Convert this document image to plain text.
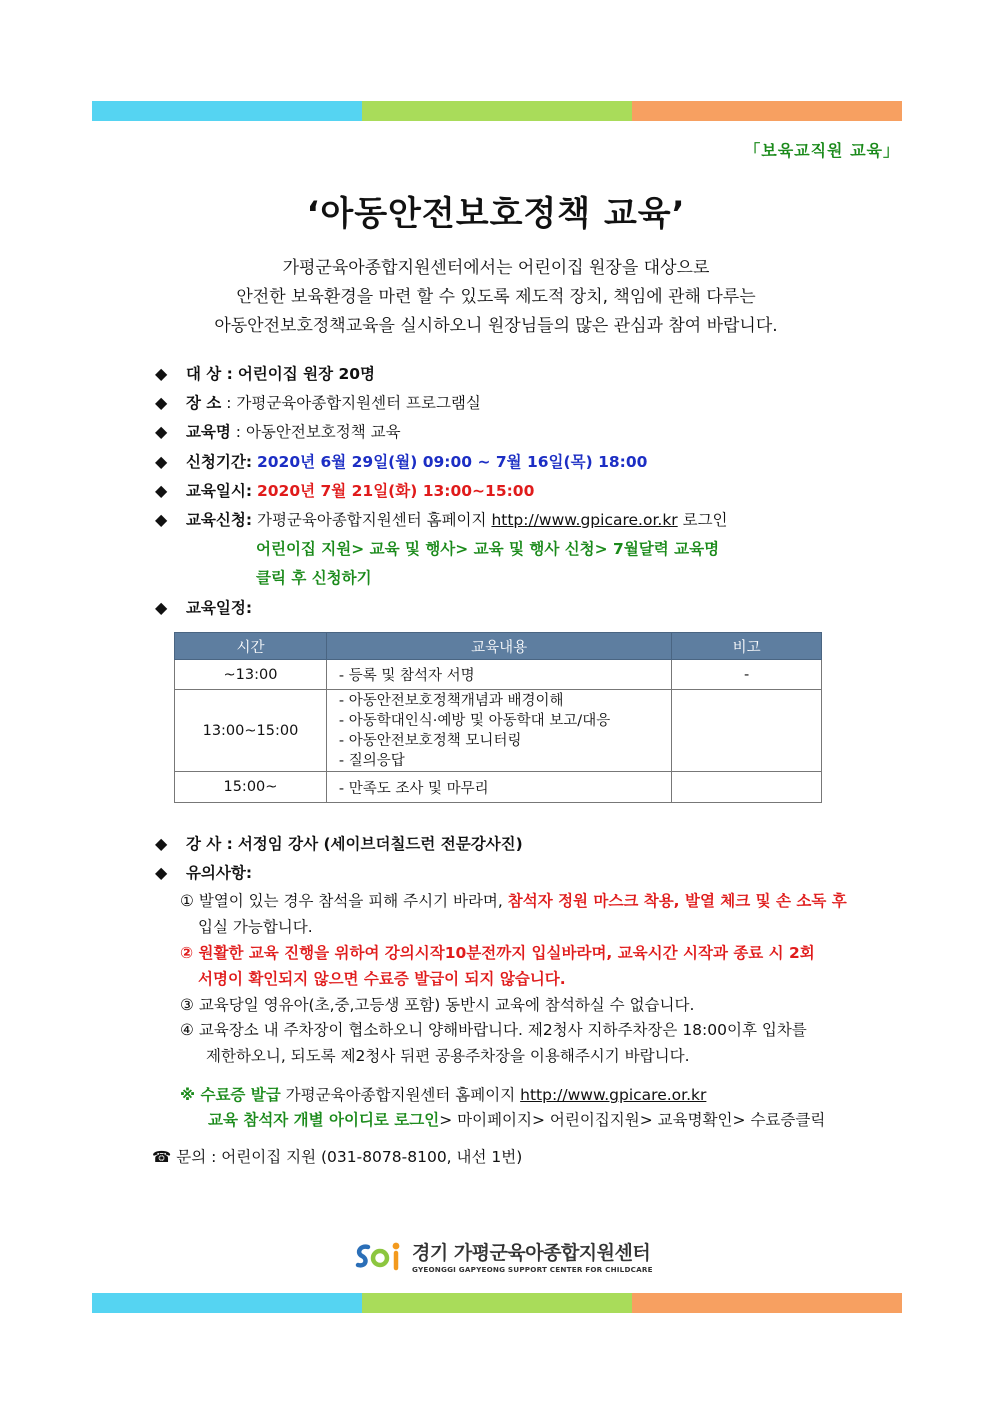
「보육교직원 교육」
‘아동안전보호정책 교육’
가평군육아종합지원센터에서는 어린이집 원장을 대상으로
안전한 보육환경을 마련 할 수 있도록 제도적 장치, 책임에 관해 다루는
아동안전보호정책교육을 실시하오니 원장님들의 많은 관심과 참여 바랍니다.
◆ 대 상 : 어린이집 원장 20명
◆ 장 소 : 가평군육아종합지원센터 프로그램실
◆ 교육명 : 아동안전보호정책 교육
◆ 신청기간: 2020년 6월 29일(월) 09:00 ~ 7월 16일(목) 18:00
◆ 교육일시: 2020년 7월 21일(화) 13:00~15:00
◆ 교육신청: 가평군육아종합지원센터 홈페이지 http://www.gpicare.or.kr 로그인
어린이집 지원> 교육 및 행사> 교육 및 행사 신청> 7월달력 교육명
클릭 후 신청하기
◆ 교육일정:
시간	교육내용	비고
~13:00	- 등록 및 참석자 서명	-
13:00~15:00	- 아동안전보호정책개념과 배경이해
- 아동학대인식·예방 및 아동학대 보고/대응
- 아동안전보호정책 모니터링
- 질의응답	

15:00~	- 만족도 조사 및 마무리	
◆ 강 사 : 서정임 강사 (세이브더칠드런 전문강사진)
◆ 유의사항:
① 발열이 있는 경우 참석을 피해 주시기 바라며, 참석자 정원 마스크 착용, 발열 체크 및 손 소독 후
입실 가능합니다.
② 원활한 교육 진행을 위하여 강의시작10분전까지 입실바라며, 교육시간 시작과 종료 시 2회
서명이 확인되지 않으면 수료증 발급이 되지 않습니다.
③ 교육당일 영유아(초,중,고등생 포함) 동반시 교육에 참석하실 수 없습니다.
④ 교육장소 내 주차장이 협소하오니 양해바랍니다. 제2청사 지하주차장은 18:00이후 입차를
제한하오니, 되도록 제2청사 뒤편 공용주차장을 이용해주시기 바랍니다.
※ 수료증 발급 가평군육아종합지원센터 홈페이지 http://www.gpicare.or.kr
교육 참석자 개별 아이디로 로그인> 마이페이지> 어린이집지원> 교육명확인> 수료증클릭
☎ 문의 : 어린이집 지원 (031-8078-8100, 내선 1번)
경기 가평군육아종합지원센터
GYEONGGI GAPYEONG SUPPORT CENTER FOR CHILDCARE
